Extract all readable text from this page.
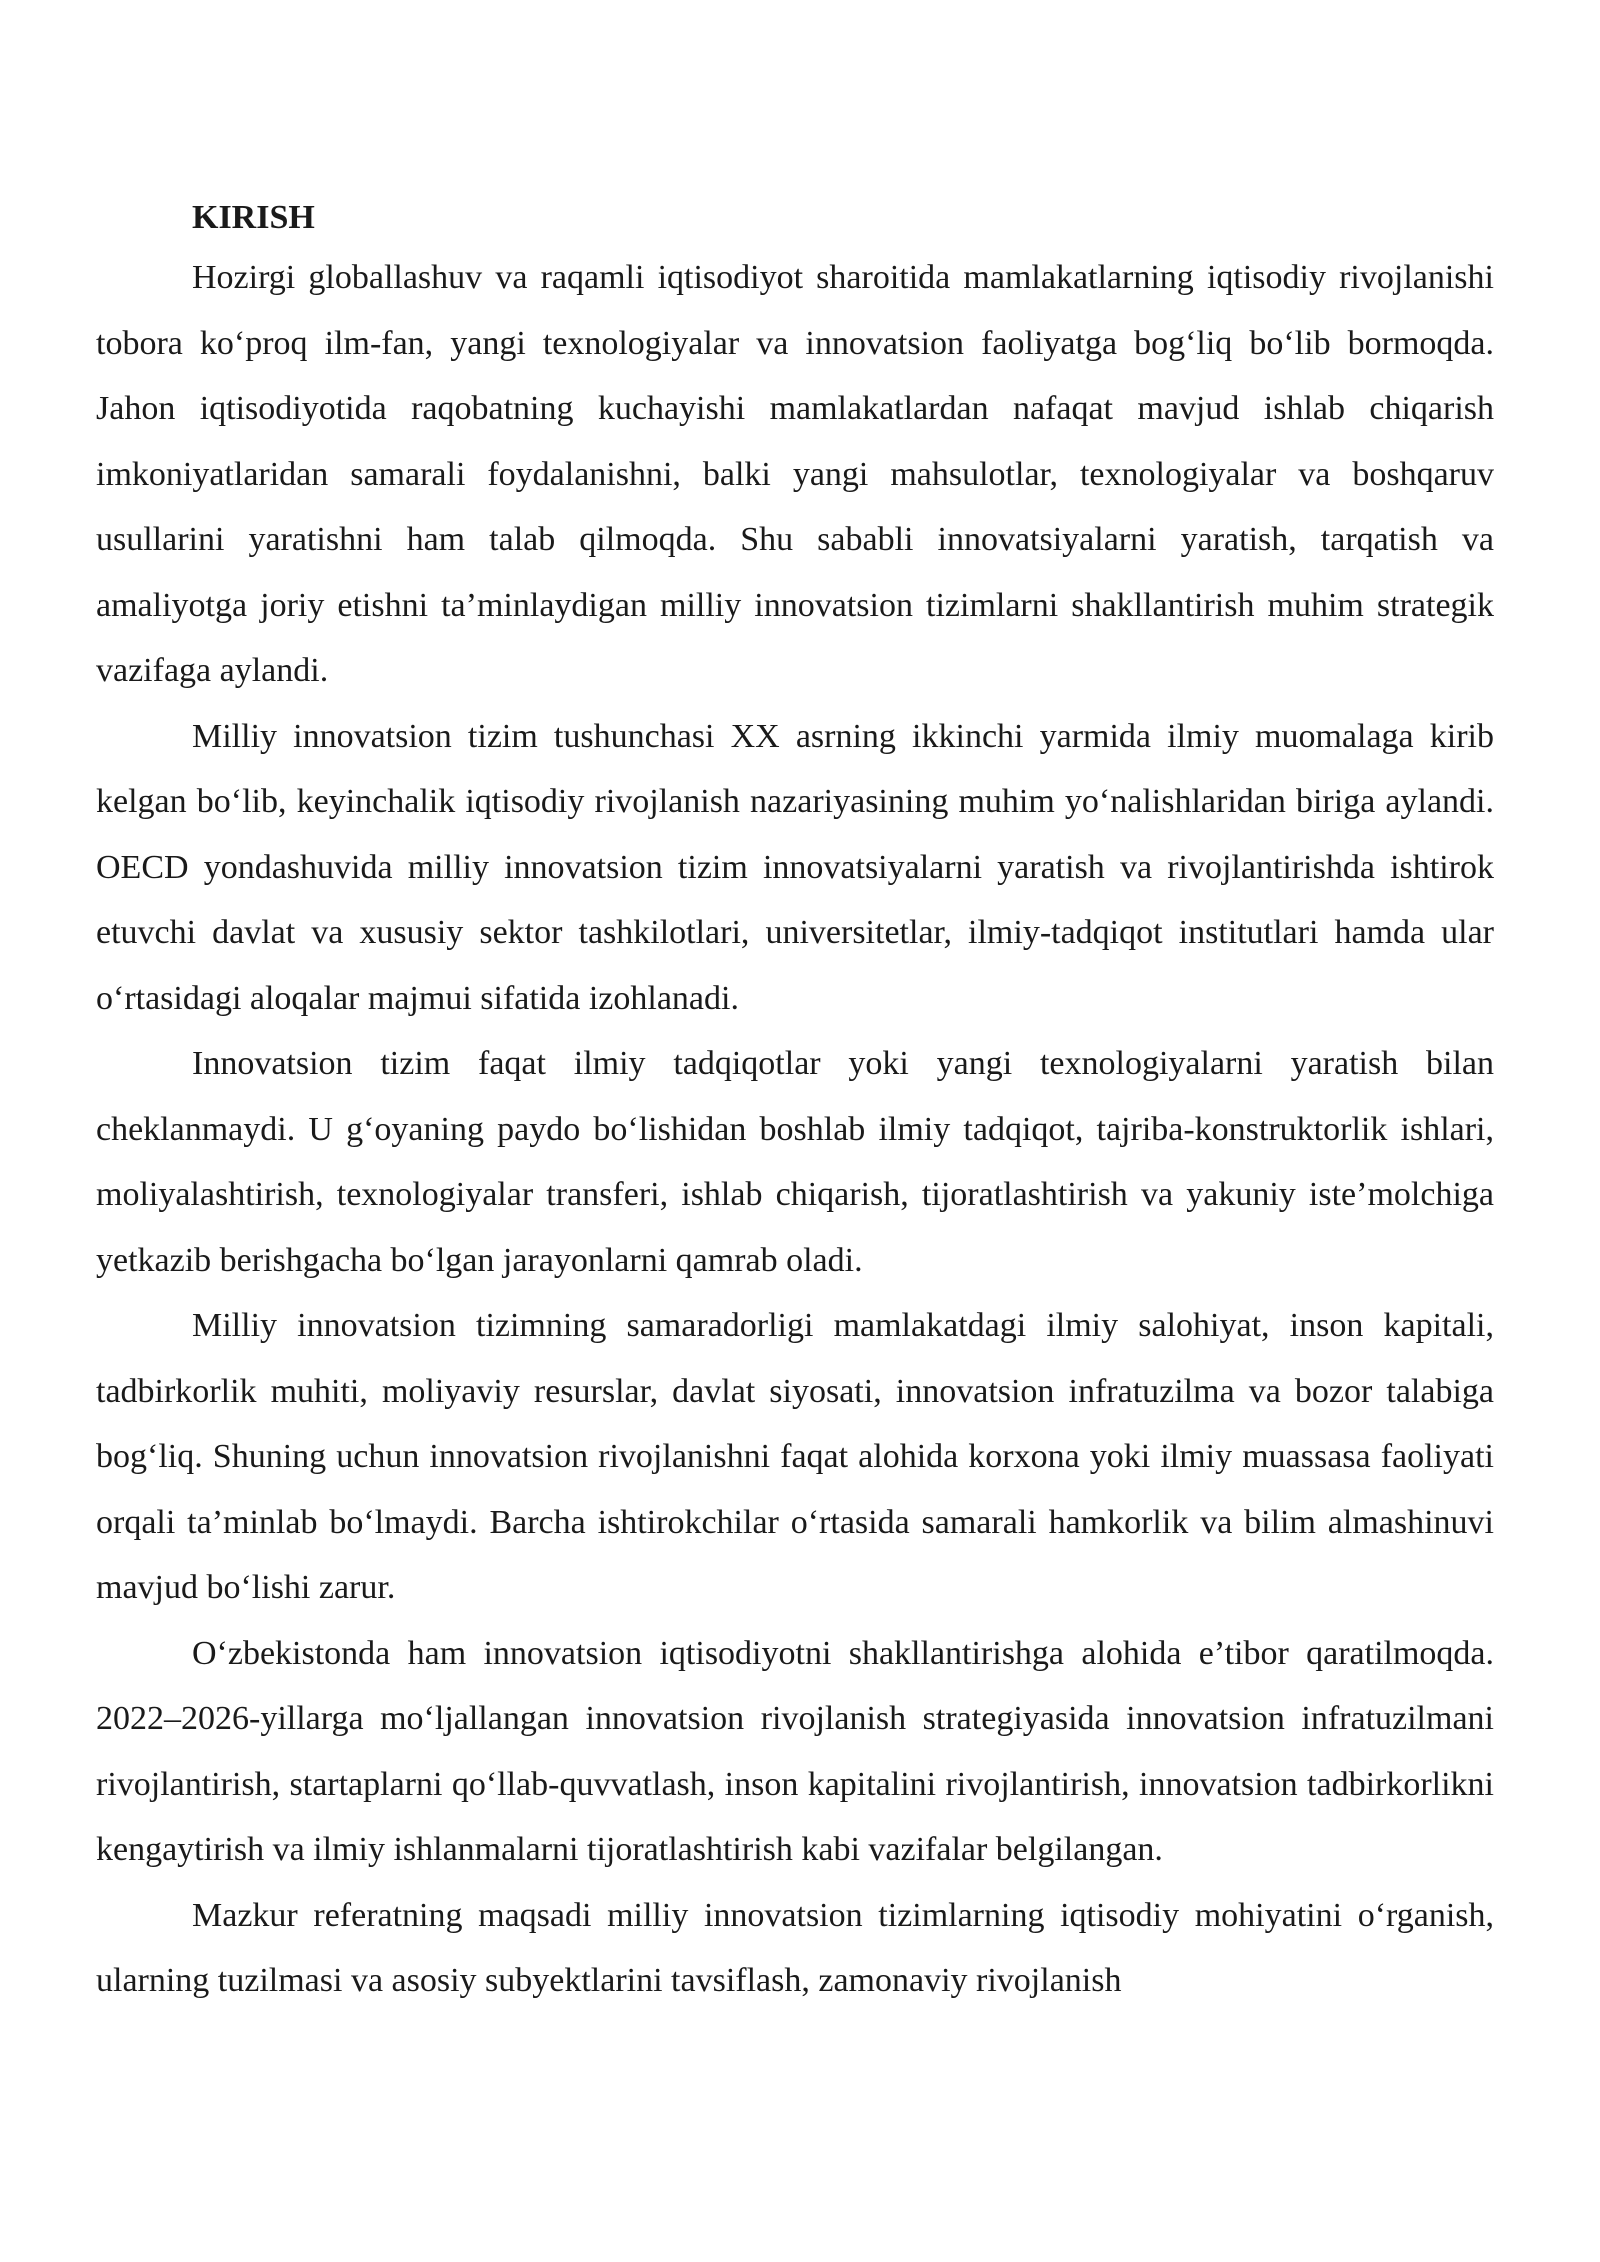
KIRISH

Hozirgi globallashuv va raqamli iqtisodiyot sharoitida mamlakatlarning iqtisodiy rivojlanishi tobora ko‘proq ilm-fan, yangi texnologiyalar va innovatsion faoliyatga bog‘liq bo‘lib bormoqda. Jahon iqtisodiyotida raqobatning kuchayishi mamlakatlardan nafaqat mavjud ishlab chiqarish imkoniyatlaridan samarali foydalanishni, balki yangi mahsulotlar, texnologiyalar va boshqaruv usullarini yaratishni ham talab qilmoqda. Shu sababli innovatsiyalarni yaratish, tarqatish va amaliyotga joriy etishni ta’minlaydigan milliy innovatsion tizimlarni shakllantirish muhim strategik vazifaga aylandi.

Milliy innovatsion tizim tushunchasi XX asrning ikkinchi yarmida ilmiy muomalaga kirib kelgan bo‘lib, keyinchalik iqtisodiy rivojlanish nazariyasining muhim yo‘nalishlaridan biriga aylandi. OECD yondashuvida milliy innovatsion tizim innovatsiyalarni yaratish va rivojlantirishda ishtirok etuvchi davlat va xususiy sektor tashkilotlari, universitetlar, ilmiy-tadqiqot institutlari hamda ular o‘rtasidagi aloqalar majmui sifatida izohlanadi.

Innovatsion tizim faqat ilmiy tadqiqotlar yoki yangi texnologiyalarni yaratish bilan cheklanmaydi. U g‘oyaning paydo bo‘lishidan boshlab ilmiy tadqiqot, tajriba-konstruktorlik ishlari, moliyalashtirish, texnologiyalar transferi, ishlab chiqarish, tijoratlashtirish va yakuniy iste’molchiga yetkazib berishgacha bo‘lgan jarayonlarni qamrab oladi.

Milliy innovatsion tizimning samaradorligi mamlakatdagi ilmiy salohiyat, inson kapitali, tadbirkorlik muhiti, moliyaviy resurslar, davlat siyosati, innovatsion infratuzilma va bozor talabiga bog‘liq. Shuning uchun innovatsion rivojlanishni faqat alohida korxona yoki ilmiy muassasa faoliyati orqali ta’minlab bo‘lmaydi. Barcha ishtirokchilar o‘rtasida samarali hamkorlik va bilim almashinuvi mavjud bo‘lishi zarur.

O‘zbekistonda ham innovatsion iqtisodiyotni shakllantirishga alohida e’tibor qaratilmoqda. 2022–2026-yillarga mo‘ljallangan innovatsion rivojlanish strategiyasida innovatsion infratuzilmani rivojlantirish, startaplarni qo‘llab-quvvatlash, inson kapitalini rivojlantirish, innovatsion tadbirkorlikni kengaytirish va ilmiy ishlanmalarni tijoratlashtirish kabi vazifalar belgilangan.

Mazkur referatning maqsadi milliy innovatsion tizimlarning iqtisodiy mohiyatini o‘rganish, ularning tuzilmasi va asosiy subyektlarini tavsiflash, zamonaviy rivojlanish
